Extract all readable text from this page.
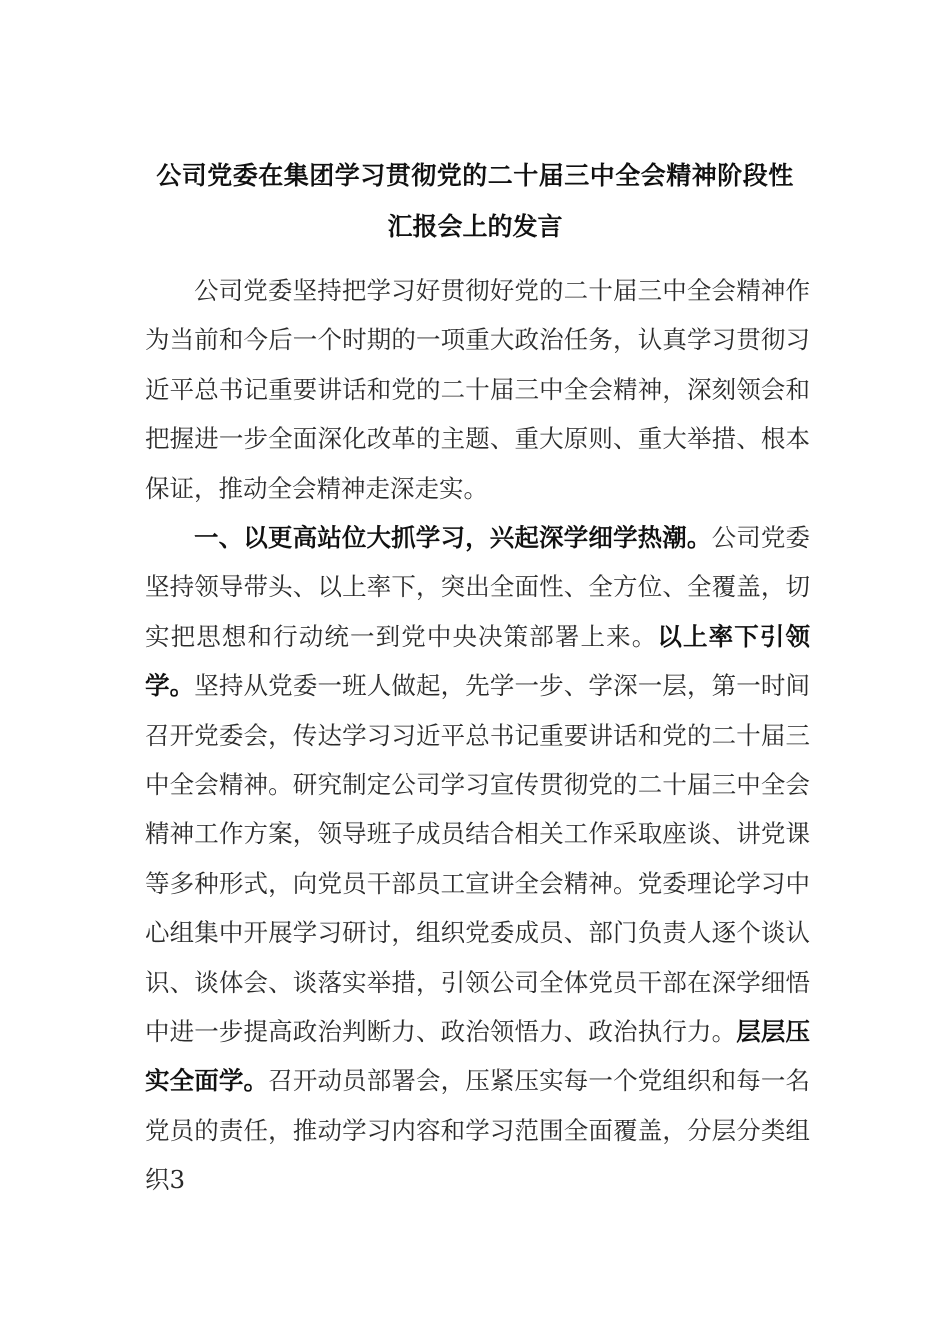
公司党委在集团学习贯彻党的二十届三中全会精神阶段性
汇报会上的发言
公司党委坚持把学习好贯彻好党的二十届三中全会精神作为当前和今后一个时期的一项重大政治任务，认真学习贯彻习近平总书记重要讲话和党的二十届三中全会精神，深刻领会和把握进一步全面深化改革的主题、重大原则、重大举措、根本保证，推动全会精神走深走实。
一、以更高站位大抓学习，兴起深学细学热潮。公司党委坚持领导带头、以上率下，突出全面性、全方位、全覆盖，切实把思想和行动统一到党中央决策部署上来。以上率下引领学。坚持从党委一班人做起，先学一步、学深一层，第一时间召开党委会，传达学习习近平总书记重要讲话和党的二十届三中全会精神。研究制定公司学习宣传贯彻党的二十届三中全会精神工作方案，领导班子成员结合相关工作采取座谈、讲党课等多种形式，向党员干部员工宣讲全会精神。党委理论学习中心组集中开展学习研讨，组织党委成员、部门负责人逐个谈认识、谈体会、谈落实举措，引领公司全体党员干部在深学细悟中进一步提高政治判断力、政治领悟力、政治执行力。层层压实全面学。召开动员部署会，压紧压实每一个党组织和每一名党员的责任，推动学习内容和学习范围全面覆盖，分层分类组织3
